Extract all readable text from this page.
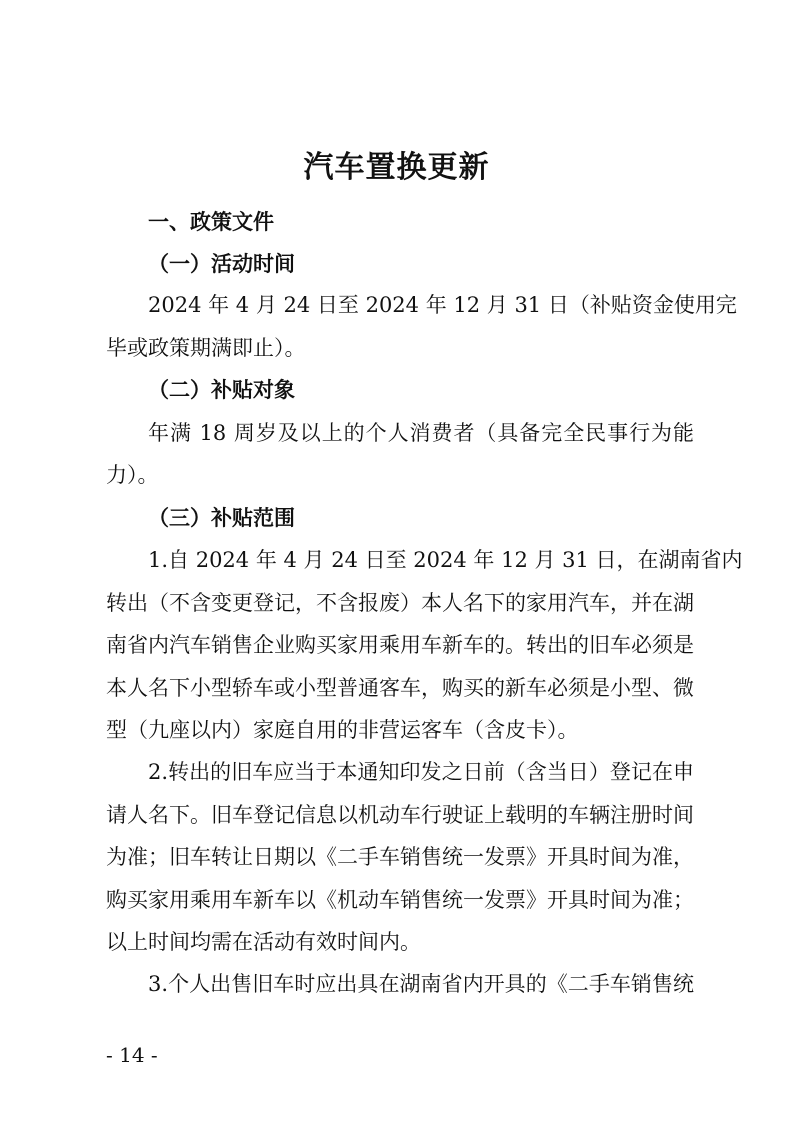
汽车置换更新

一、政策文件

（一）活动时间

2024 年 4 月 24 日至 2024 年 12 月 31 日（补贴资金使用完

毕或政策期满即止）。

（二）补贴对象

年满 18 周岁及以上的个人消费者（具备完全民事行为能

力）。

（三）补贴范围

1.自 2024 年 4 月 24 日至 2024 年 12 月 31 日，在湖南省内

转出（不含变更登记，不含报废）本人名下的家用汽车，并在湖

南省内汽车销售企业购买家用乘用车新车的。转出的旧车必须是

本人名下小型轿车或小型普通客车，购买的新车必须是小型、微

型（九座以内）家庭自用的非营运客车（含皮卡）。

2.转出的旧车应当于本通知印发之日前（含当日）登记在申

请人名下。旧车登记信息以机动车行驶证上载明的车辆注册时间

为准；旧车转让日期以《二手车销售统一发票》开具时间为准，

购买家用乘用车新车以《机动车销售统一发票》开具时间为准；

以上时间均需在活动有效时间内。

3.个人出售旧车时应出具在湖南省内开具的《二手车销售统

- 14 -
